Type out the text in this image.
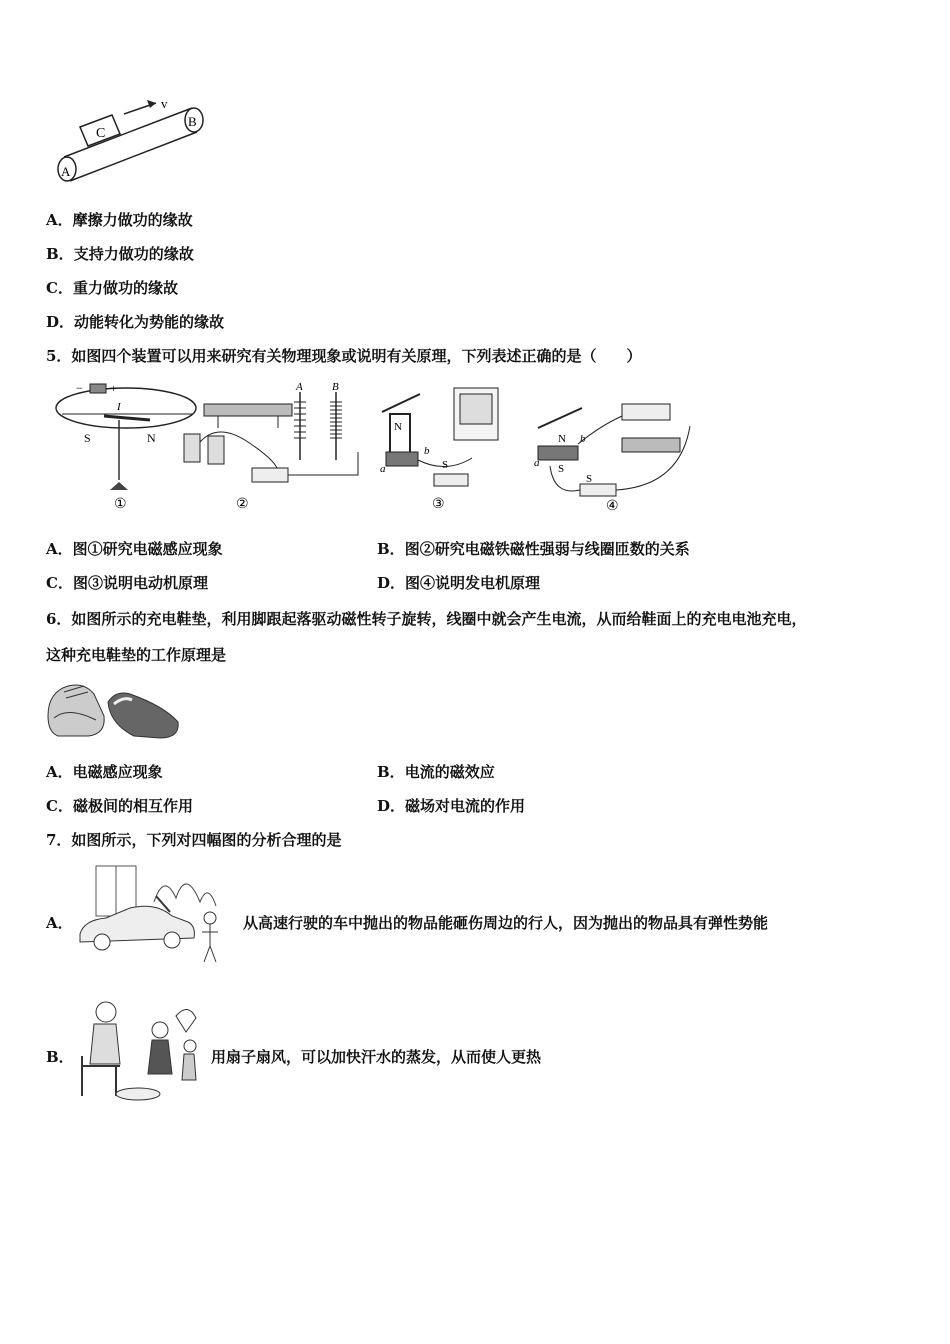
C
v
A
B
A．摩擦力做功的缘故
B．支持力做功的缘故
C．重力做功的缘故
D．动能转化为势能的缘故
5．如图四个装置可以用来研究有关物理现象或说明有关原理，下列表述正确的是（　　）
− +
I
S	N
①
A	B
②
N
a
b
S
③
N
S
a
b
S
④
A．图①研究电磁感应现象	B．图②研究电磁铁磁性强弱与线圈匝数的关系
C．图③说明电动机原理	D．图④说明发电机原理
6．如图所示的充电鞋垫，利用脚跟起落驱动磁性转子旋转，线圈中就会产生电流，从而给鞋面上的充电电池充电，
这种充电鞋垫的工作原理是
A．电磁感应现象	B．电流的磁效应
C．磁极间的相互作用	D．磁场对电流的作用
7．如图所示，下列对四幅图的分析合理的是
A．	从高速行驶的车中抛出的物品能砸伤周边的行人，因为抛出的物品具有弹性势能
B．	用扇子扇风，可以加快汗水的蒸发，从而使人更热
